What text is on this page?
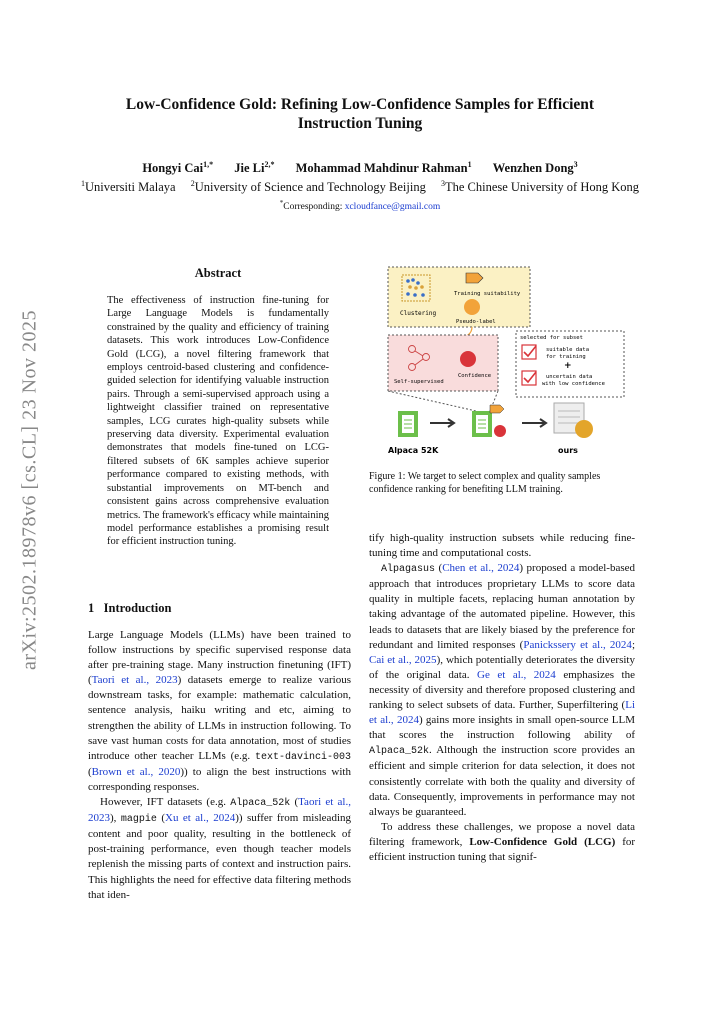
Low-Confidence Gold: Refining Low-Confidence Samples for Efficient
Instruction Tuning
Hongyi Cai$^{1,*}$ Jie $Li^{2,*}$ Mohammad Mahdinur Rahman$^1$ Wenzhen Dong$^3$
$^1$Universiti Malaya $^2$University of Science and Technology Beijing $^3$The Chinese University of Hong Kong
*Corresponding: xcloudfance@gmail.com
arXiv:2502.18978v6 [cs.CL] 23 Nov 2025
Abstract
The effectiveness of instruction fine-tuning for Large Language Models is fundamentally constrained by the quality and efficiency of training datasets. This work introduces Low-Confidence Gold (LCG), a novel filtering framework that employs centroid-based clustering and confidence-guided selection for identifying valuable instruction pairs. Through a semi-supervised approach using a lightweight classifier trained on representative samples, LCG curates high-quality subsets while preserving data diversity. Experimental evaluation demonstrates that models fine-tuned on LCG-filtered subsets of 6K samples achieve superior performance compared to existing methods, with substantial improvements on MT-bench and consistent gains across comprehensive evaluation metrics. The framework's efficacy while maintaining model performance establishes a promising result for efficient instruction tuning.
1 Introduction

Large Language Models (LLMs) have been trained to follow instructions by specific supervised response data after pre-training stage. Many instruction finetuning (IFT) (Taori et al., 2023) datasets emerge to realize various downstream tasks, for example: mathematic calculation, sentence analysis, haiku writing and etc, aiming to strengthen the ability of LLMs in instruction following. To save vast human costs for data annotation, most of studies introduce other teacher LLMs (e.g. text-davinci-003 (Brown et al., 2020)) to align the best instructions with corresponding responses.

However, IFT datasets (e.g. Alpaca_52k (Taori et al., 2023), magpie (Xu et al., 2024)) suffer from misleading content and poor quality, resulting in the bottleneck of post-training performance, even though teacher models replenish the missing parts of context and instruction pairs. This highlights the need for effective data filtering methods that iden-

Clustering
Training suitability
Pseudo-label
Self-supervised
Confidence
selected for subset
suitable data
for training
+
uncertain data
with low confidence
Alpaca 52K	ours
Figure 1: We target to select complex and quality samples confidence ranking for benefiting LLM training.

tify high-quality instruction subsets while reducing fine-tuning time and computational costs.

Alpagasus (Chen et al., 2024) proposed a model-based approach that introduces proprietary LLMs to score data quality in multiple facets, replacing human annotation by taking advantage of the automated pipeline. However, this leads to datasets that are likely biased by the preference for redundant and limited responses (Panickssery et al., 2024; Cai et al., 2025), which potentially deteriorates the diversity of the original data. Ge et al., 2024 emphasizes the necessity of diversity and therefore proposed clustering and ranking to select subsets of data. Further, Superfiltering (Li et al., 2024) gains more insights in small open-source LLM that scores the instruction following ability of Alpaca_52k. Although the instruction score provides an efficient and simple criterion for data selection, it does not consistently correlate with both the quality and diversity of data. Consequently, improvements in performance may not always be guaranteed.

To address these challenges, we propose a novel data filtering framework, Low-Confidence Gold (LCG) for efficient instruction tuning that signif-
